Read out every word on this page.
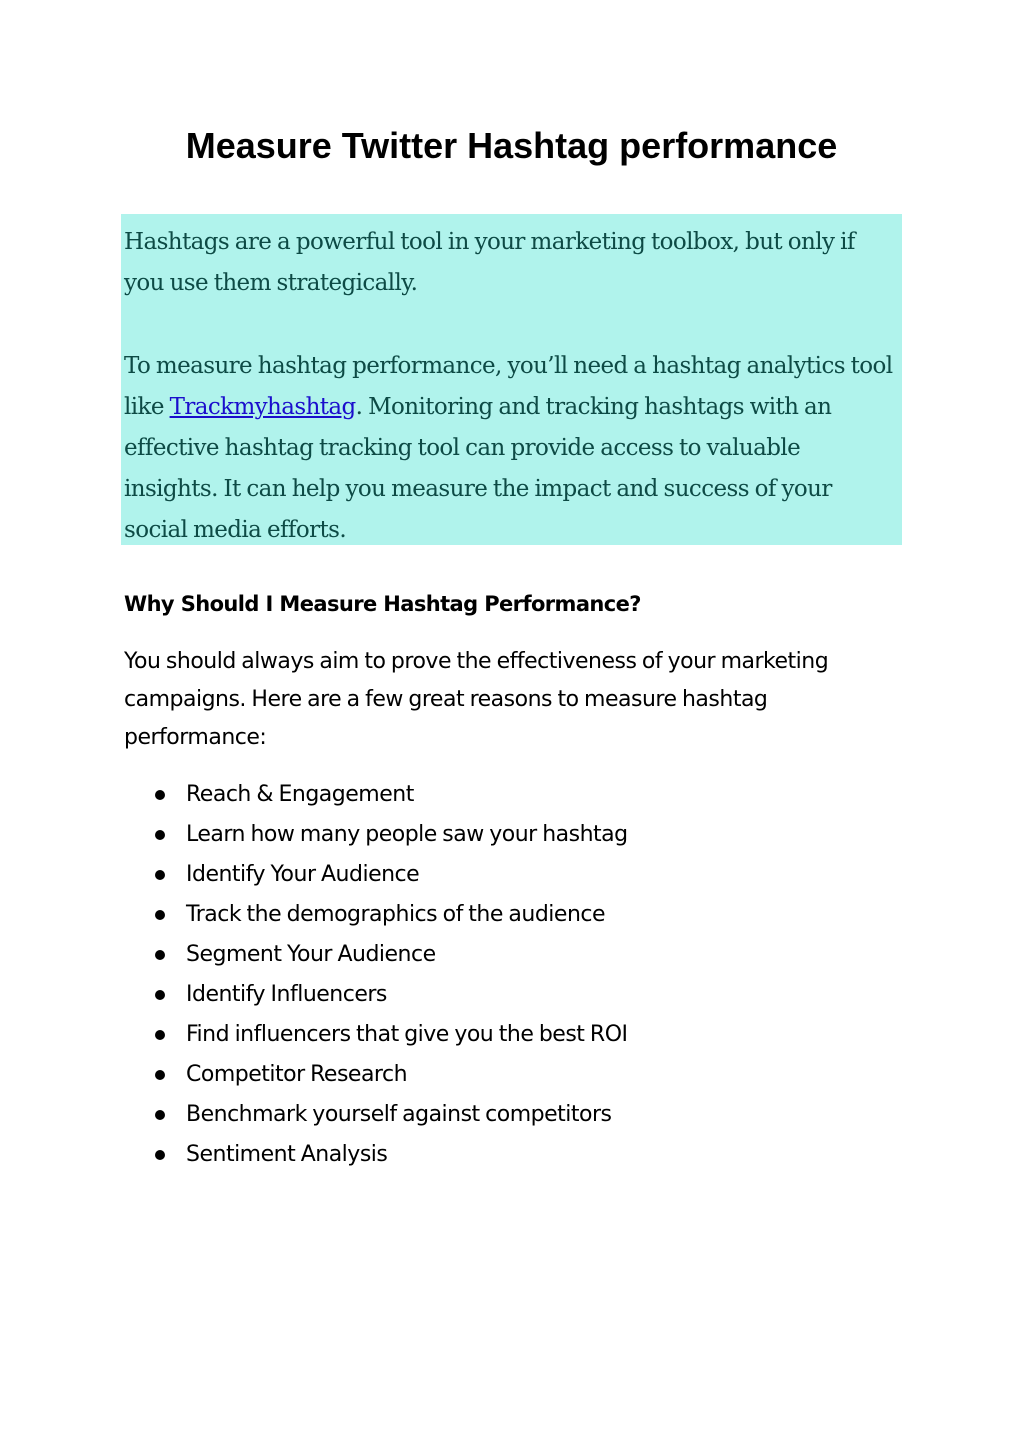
Measure Twitter Hashtag performance

Hashtags are a powerful tool in your marketing toolbox, but only if you use them strategically.

To measure hashtag performance, you’ll need a hashtag analytics tool like Trackmyhashtag. Monitoring and tracking hashtags with an effective hashtag tracking tool can provide access to valuable insights. It can help you measure the impact and success of your social media efforts.

Why Should I Measure Hashtag Performance?

You should always aim to prove the effectiveness of your marketing campaigns. Here are a few great reasons to measure hashtag performance:

Reach & Engagement
Learn how many people saw your hashtag
Identify Your Audience
Track the demographics of the audience
Segment Your Audience
Identify Influencers
Find influencers that give you the best ROI
Competitor Research
Benchmark yourself against competitors
Sentiment Analysis
